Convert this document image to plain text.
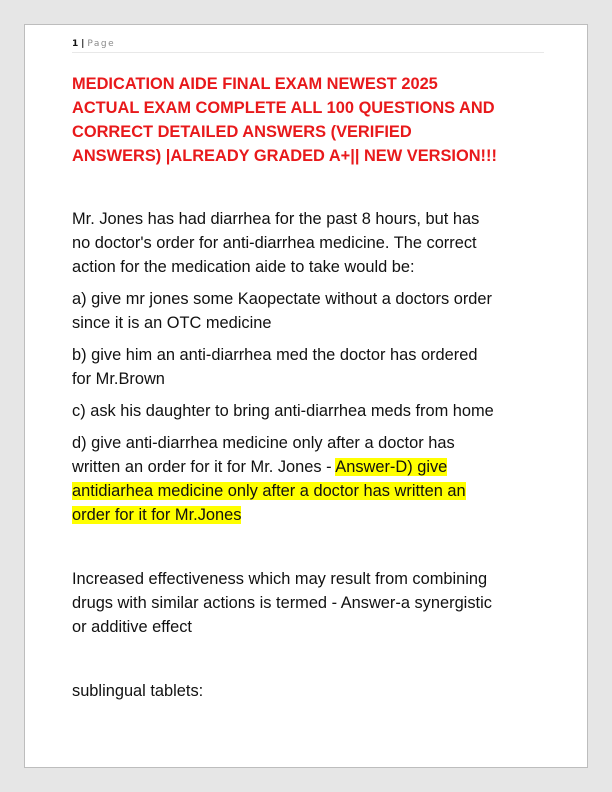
1 | Page
MEDICATION AIDE FINAL EXAM NEWEST 2025
ACTUAL EXAM COMPLETE ALL 100 QUESTIONS AND
CORRECT DETAILED ANSWERS (VERIFIED
ANSWERS) |ALREADY GRADED A+|| NEW VERSION!!!
Mr. Jones has had diarrhea for the past 8 hours, but has
no doctor's order for anti-diarrhea medicine. The correct
action for the medication aide to take would be:
a) give mr jones some Kaopectate without a doctors order
since it is an OTC medicine
b) give him an anti-diarrhea med the doctor has ordered
for Mr.Brown
c) ask his daughter to bring anti-diarrhea meds from home
d) give anti-diarrhea medicine only after a doctor has
written an order for it for Mr. Jones - Answer-D) give
antidiarhea medicine only after a doctor has written an
order for it for Mr.Jones
Increased effectiveness which may result from combining
drugs with similar actions is termed - Answer-a synergistic
or additive effect
sublingual tablets:
